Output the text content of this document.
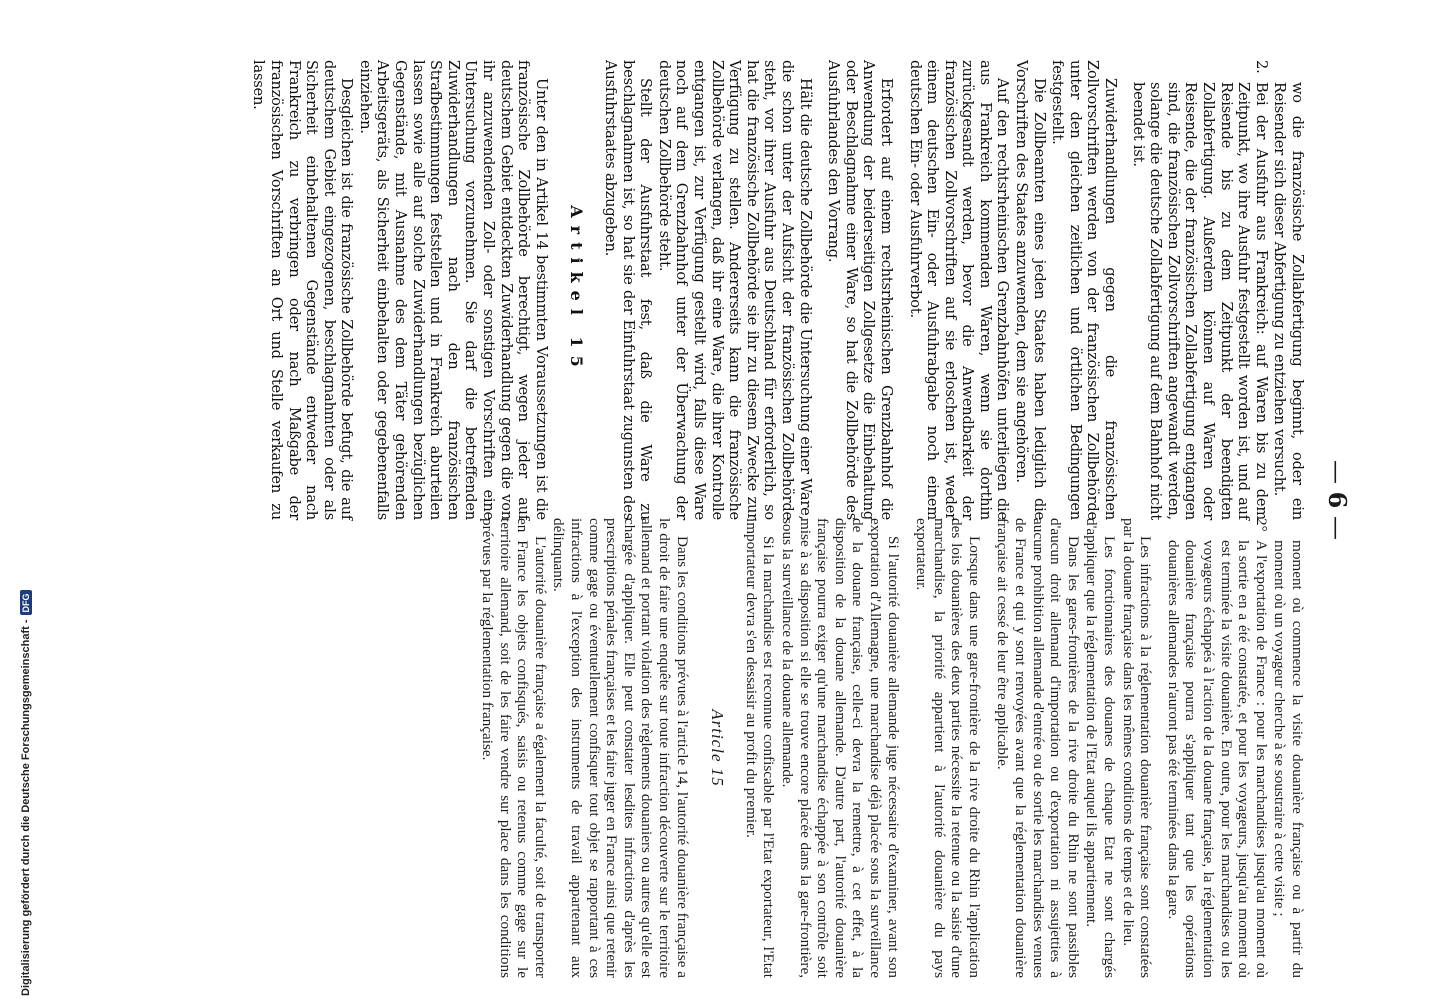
— 6 —

wo die französische Zollabfertigung beginnt, oder ein Reisender sich dieser Abfertigung zu entziehen versucht.

2.
Bei der Ausfuhr aus Frankreich: auf Waren bis zu dem Zeitpunkt, wo ihre Ausfuhr festgestellt worden ist, und auf Reisende bis zu dem Zeitpunkt der beendigten Zollabfertigung. Außerdem können auf Waren oder Reisende, die der französischen Zollabfertigung entgangen sind, die französischen Zollvorschriften angewandt werden, solange die deutsche Zollabfertigung auf dem Bahnhof nicht beendet ist.

Zuwiderhandlungen gegen die französischen Zollvorschriften werden von der französischen Zollbehörde unter den gleichen zeitlichen und örtlichen Bedingungen festgestellt.

Die Zollbeamten eines jeden Staates haben lediglich die Vorschriften des Staates anzuwenden, dem sie angehören.

Auf den rechtsrheinischen Grenzbahnhöfen unterliegen die aus Frankreich kommenden Waren, wenn sie dorthin zurückgesandt werden, bevor die Anwendbarkeit der französischen Zollvorschriften auf sie erloschen ist, weder einem deutschen Ein- oder Ausfuhrabgabe noch einem deutschen Ein- oder Ausfuhrverbot.

Erfordert auf einem rechtsrheinischen Grenzbahnhof die Anwendung der beiderseitigen Zollgesetze die Einbehaltung oder Beschlagnahme einer Ware, so hat die Zollbehörde des Ausfuhrlandes den Vorrang.

Hält die deutsche Zollbehörde die Untersuchung einer Ware, die schon unter der Aufsicht der französischen Zollbehörde steht, vor ihrer Ausfuhr aus Deutschland für erforderlich, so hat die französische Zollbehörde sie ihr zu diesem Zwecke zur Verfügung zu stellen. Andererseits kann die französische Zollbehörde verlangen, daß ihr eine Ware, die ihrer Kontrolle entgangen ist, zur Verfügung gestellt wird, falls diese Ware noch auf dem Grenzbahnhof unter der Überwachung der deutschen Zollbehörde steht.

Stellt der Ausfuhrstaat fest, daß die Ware zu beschlagnahmen ist, so hat sie der Einfuhrstaat zugunsten des Ausfuhrstaates abzugeben.

Artikel 15

Unter den in Artikel 14 bestimmten Voraussetzungen ist die französische Zollbehörde berechtigt, wegen jeder auf deutschem Gebiet entdeckten Zuwiderhandlung gegen die von ihr anzuwendenden Zoll- oder sonstigen Vorschriften eine Untersuchung vorzunehmen. Sie darf die betreffenden Zuwiderhandlungen nach den französischen Strafbestimmungen feststellen und in Frankreich aburteilen lassen sowie alle auf solche Zuwiderhandlungen bezüglichen Gegenstände, mit Ausnahme des dem Täter gehörenden Arbeitsgeräts, als Sicherheit einbehalten oder gegebenenfalls einziehen.

Desgleichen ist die französische Zollbehörde befugt, die auf deutschem Gebiet eingezogenen, beschlagnahmten oder als Sicherheit einbehaltenen Gegenstände entweder nach Frankreich zu verbringen oder nach Maßgabe der französischen Vorschriften an Ort und Stelle verkaufen zu lassen.

moment où commence la visite douanière française ou à partir du moment où un voyageur cherche à se soustraire à cette visite ;

2°
A l'exportation de France : pour les marchandises jusqu'au moment où la sortie en a été constatée, et pour les voyageurs, jusqu'au moment où est terminée la visite douanière. En outre, pour les marchandises ou les voyageurs échappés à l'action de la douane française, la réglementation douanière française pourra s'appliquer tant que les opérations douanières allemandes n'auront pas été terminées dans la gare.

Les infractions à la réglementation douanière française sont constatées par la douane française dans les mêmes conditions de temps et de lieu.

Les fonctionnaires des douanes de chaque Etat ne sont chargés d'appliquer que la réglementation de l'Etat auquel ils appartiennent.

Dans les gares-frontières de la rive droite du Rhin ne sont passibles d'aucun droit allemand d'importation ou d'exportation ni assujetties à aucune prohibition allemande d'entrée ou de sortie les marchandises venues de France et qui y sont renvoyées avant que la réglementation douanière française ait cessé de leur être applicable.

Lorsque dans une gare-frontière de la rive droite du Rhin l'application des lois douanières des deux parties nécessite la retenue ou la saisie d'une marchandise, la priorité appartient à l'autorité douanière du pays exportateur.

Si l'autorité douanière allemande juge nécessaire d'examiner, avant son exportation d'Allemagne, une marchandise déjà placée sous la surveillance de la douane française, celle-ci devra la remettre, à cet effet, à la disposition de la douane allemande. D'autre part, l'autorité douanière française pourra exiger qu'une marchandise échappée à son contrôle soit mise à sa disposition si elle se trouve encore placée dans la gare-frontière, sous la surveillance de la douane allemande.

Si la marchandise est reconnue confiscable par l'Etat exportateur, l'Etat importateur devra s'en dessaisir au profit du premier.

Article 15

Dans les conditions prévues à l'article 14, l'autorité douanière française a le droit de faire une enquête sur toute infraction découverte sur le territoire allemand et portant violation des règlements douaniers ou autres qu'elle est chargée d'appliquer. Elle peut constater lesdites infractions d'après les prescriptions pénales françaises et les faire juger en France ainsi que retenir comme gage ou éventuellement confisquer tout objet se rapportant à ces infractions à l'exception des instruments de travail appartenant aux délinquants.

L'autorité douanière française a également la faculté, soit de transporter en France les objets confisqués, saisis ou retenus comme gage sur le territoire allemand, soit de les faire vendre sur place dans les conditions prévues par la réglementation française.

Digitalisierung gefördert durch die Deutsche Forschungsgemeinschaft -
DFG
